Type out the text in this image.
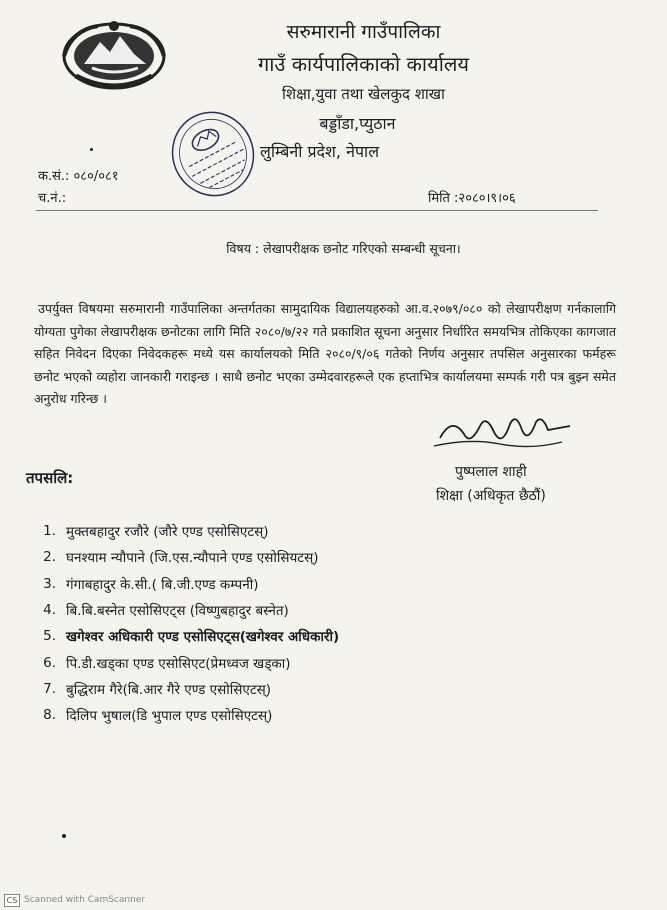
सरुमारानी गाउँपालिका
गाउँ कार्यपालिकाको कार्यालय
शिक्षा,युवा तथा खेलकुद शाखा
बड्डाँडा,प्युठान
लुम्बिनी प्रदेश, नेपाल
क.सं.: ०८०/०८१
च.नं.:	मिति :२०८०।९।०६
विषय : लेखापरीक्षक छनोट गरिएको सम्बन्धी सूचना।
उपर्युक्त विषयमा सरुमारानी गाउँपालिका अन्तर्गतका सामुदायिक विद्यालयहरुको आ.व.२०७९/०८० को लेखापरीक्षण गर्नकालागि योग्यता पुगेका लेखापरीक्षक छनोटका लागि मिति २०८०/७/२२ गते प्रकाशित सूचना अनुसार निर्धारित समयभित्र तोकिएका कागजात सहित निवेदन दिएका निवेदकहरू मध्ये यस कार्यालयको मिति २०८०/९/०६ गतेको निर्णय अनुसार तपसिल अनुसारका फर्महरू छनोट भएको व्यहोरा जानकारी गराइन्छ । साथै छनोट भएका उम्मेदवारहरूले एक हप्ताभित्र कार्यालयमा सम्पर्क गरी पत्र बुझ्न समेत अनुरोध गरिन्छ ।
पुष्पलाल शाही
शिक्षा (अधिकृत छैठौं)
तपसलि:
1. मुक्तबहादुर रजौरे (जौरे एण्ड एसोसिएटस्)
2. घनश्याम न्यौपाने (जि.एस.न्यौपाने एण्ड एसोसियटस्)
3. गंगाबहादुर के.सी.( बि.जी.एण्ड कम्पनी)
4. बि.बि.बस्नेत एसोसिएट्स (विष्णुबहादुर बस्नेत)
5. खगेश्वर अधिकारी एण्ड एसोसिएट्स(खगेश्वर अधिकारी)
6. पि.डी.खड्का एण्ड एसोसिएट(प्रेमध्वज खड्का)
7. बुद्धिराम गैरे(बि.आर गैरे एण्ड एसोसिएटस्)
8. दिलिप भुषाल(डि भुपाल एण्ड एसोसिएटस्)
CS Scanned with CamScanner
